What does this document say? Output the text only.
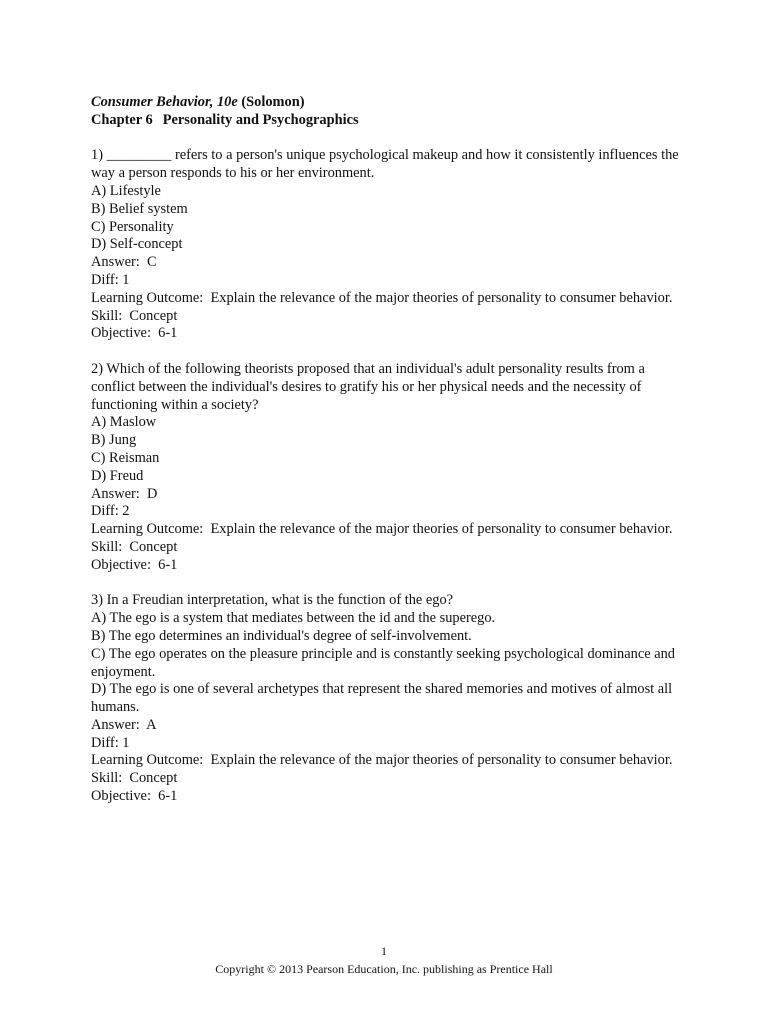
Consumer Behavior, 10e (Solomon)

Chapter 6 Personality and Psychographics

1) _________ refers to a person's unique psychological makeup and how it consistently influences the way a person responds to his or her environment.

A) Lifestyle

B) Belief system

C) Personality

D) Self-concept

Answer:  C

Diff: 1

Learning Outcome:  Explain the relevance of the major theories of personality to consumer behavior.

Skill:  Concept

Objective:  6-1

2) Which of the following theorists proposed that an individual's adult personality results from a conflict between the individual's desires to gratify his or her physical needs and the necessity of functioning within a society?

A) Maslow

B) Jung

C) Reisman

D) Freud

Answer:  D

Diff: 2

Learning Outcome:  Explain the relevance of the major theories of personality to consumer behavior.

Skill:  Concept

Objective:  6-1

3) In a Freudian interpretation, what is the function of the ego?

A) The ego is a system that mediates between the id and the superego.

B) The ego determines an individual's degree of self-involvement.

C) The ego operates on the pleasure principle and is constantly seeking psychological dominance and enjoyment.

D) The ego is one of several archetypes that represent the shared memories and motives of almost all humans.

Answer:  A

Diff: 1

Learning Outcome:  Explain the relevance of the major theories of personality to consumer behavior.

Skill:  Concept

Objective:  6-1

1
Copyright © 2013 Pearson Education, Inc. publishing as Prentice Hall
